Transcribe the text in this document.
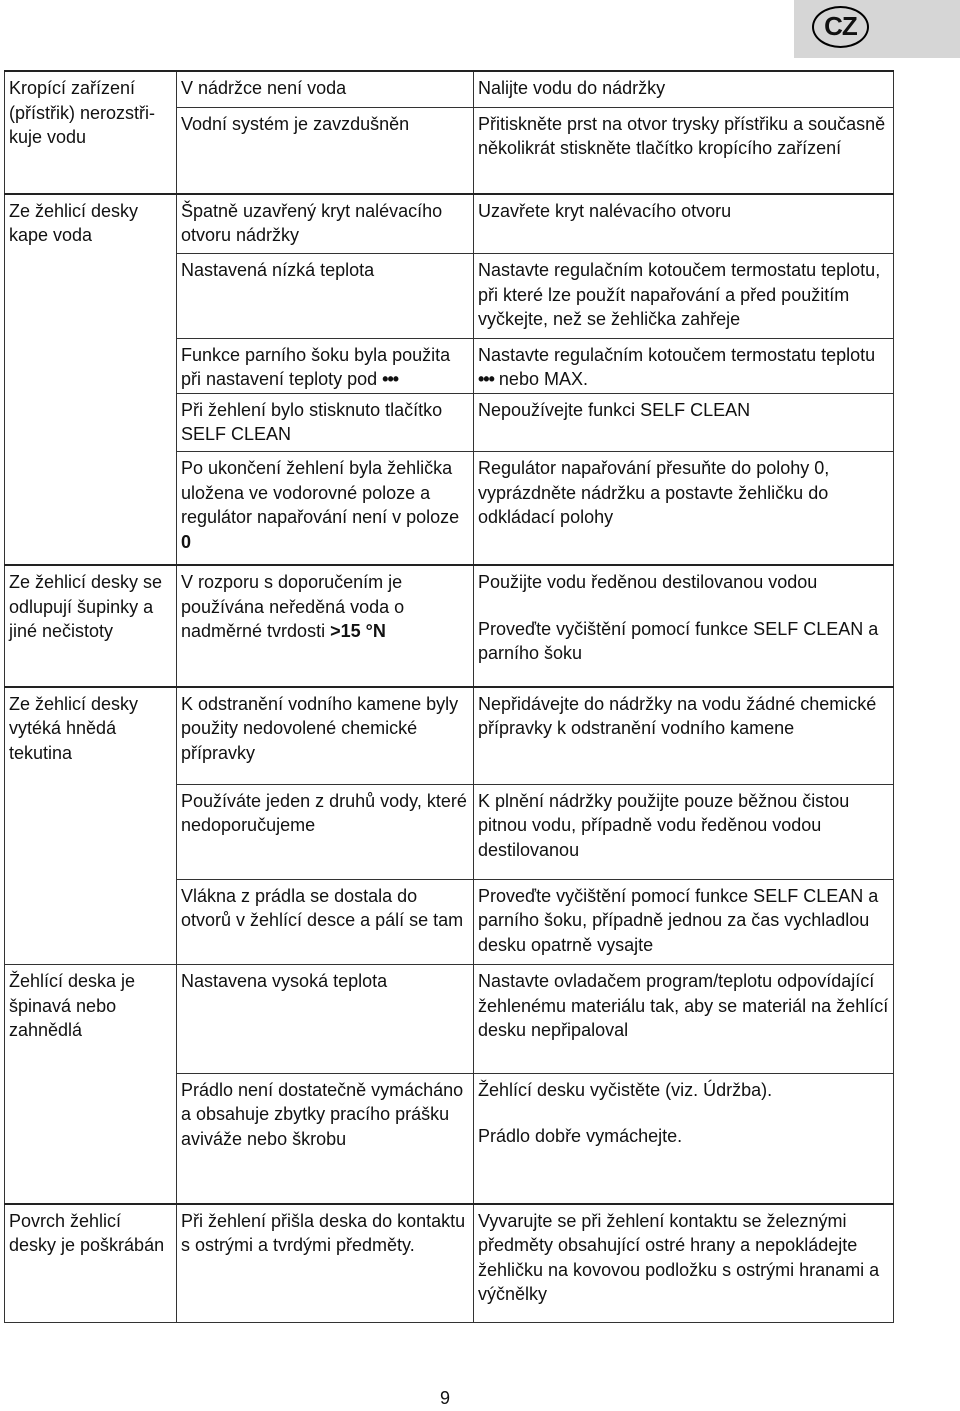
CZ
Kropící zařízení
(přístřik) nerozstři-
kuje vodu	V nádržce není voda	Nalijte vodu do nádržky
	Vodní systém je zavzdušněn	Přitiskněte prst na otvor trysky přístřiku a současně několikrát stiskněte tlačítko kropícího zařízení
Ze žehlicí desky kape voda	Špatně uzavřený kryt nalévacího otvoru nádržky	Uzavřete kryt nalévacího otvoru
	Nastavená nízká teplota	Nastavte regulačním kotoučem termostatu teplotu, při které lze použít napařování a před použitím vyčkejte, než se žehlička zahřeje
	Funkce parního šoku byla použita při nastavení teploty pod •••	Nastavte regulačním kotoučem termostatu teplotu ••• nebo MAX.
	Při žehlení bylo stisknuto tlačítko SELF CLEAN	Nepoužívejte funkci SELF CLEAN
	Po ukončení žehlení byla žehlička uložena ve vodorovné poloze a regulátor napařování není v poloze 0	Regulátor napařování přesuňte do polohy 0, vyprázdněte nádržku a postavte žehličku do odkládací polohy
Ze žehlicí desky se odlupují šupinky a jiné nečistoty	V rozporu s doporučením je používána neředěná voda o nadměrné tvrdosti >15 °N	Použijte vodu ředěnou destilovanou vodou

Proveďte vyčištění pomocí funkce SELF CLEAN a parního šoku

Ze žehlicí desky vytéká hnědá tekutina	K odstranění vodního kamene byly použity nedovolené chemické přípravky	Nepřidávejte do nádržky na vodu žádné chemické přípravky k odstranění vodního kamene
	Používáte jeden z druhů vody, které nedoporučujeme	K plnění nádržky použijte pouze běžnou čistou pitnou vodu, případně vodu ředěnou vodou destilovanou
	Vlákna z prádla se dostala do otvorů v žehlící desce a pálí se tam	Proveďte vyčištění pomocí funkce SELF CLEAN a parního šoku, případně jednou za čas vychladlou desku opatrně vysajte
Žehlící deska je špinavá nebo zahnědlá	Nastavena vysoká teplota	Nastavte ovladačem program/teplotu odpovídající žehlenému materiálu tak, aby se materiál na žehlící desku nepřipaloval
	Prádlo není dostatečně vymácháno a obsahuje zbytky pracího prášku aviváže nebo škrobu	Žehlící desku vyčistěte (viz. Údržba).

Prádlo dobře vymáchejte.

Povrch žehlicí desky je poškrábán	Při žehlení přišla deska do kontaktu s ostrými a tvrdými předměty.	Vyvarujte se při žehlení kontaktu se železnými předměty obsahující ostré hrany a nepokládejte žehličku na kovovou podložku s ostrými hranami a výčnělky
9
